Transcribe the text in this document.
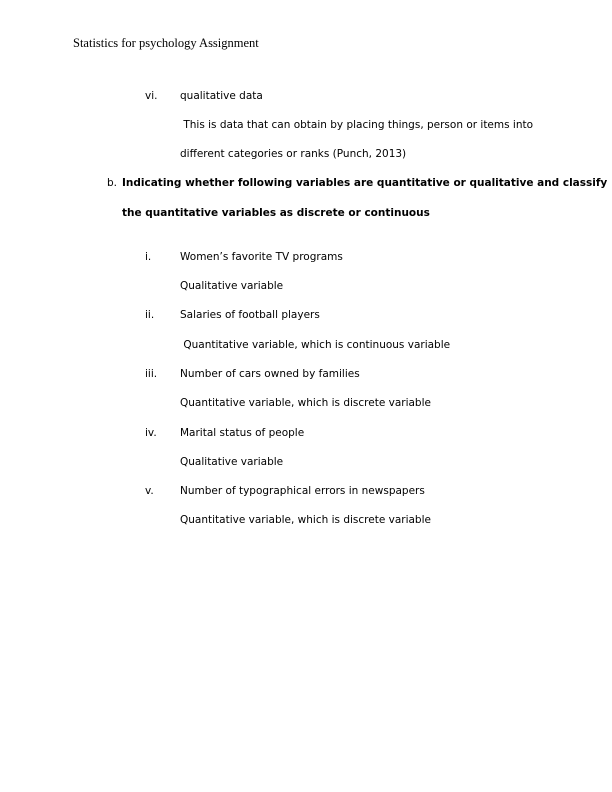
Statistics for psychology Assignment
vi. qualitative data
This is data that can obtain by placing things, person or items into
different categories or ranks (Punch, 2013)
b. Indicating whether following variables are quantitative or qualitative and classify
the quantitative variables as discrete or continuous
i.	Women’s favorite TV programs
Qualitative variable
ii. Salaries of football players
Quantitative variable, which is continuous variable
iii. Number of cars owned by families
Quantitative variable, which is discrete variable
iv. Marital status of people
Qualitative variable
v.	Number of typographical errors in newspapers
Quantitative variable, which is discrete variable
